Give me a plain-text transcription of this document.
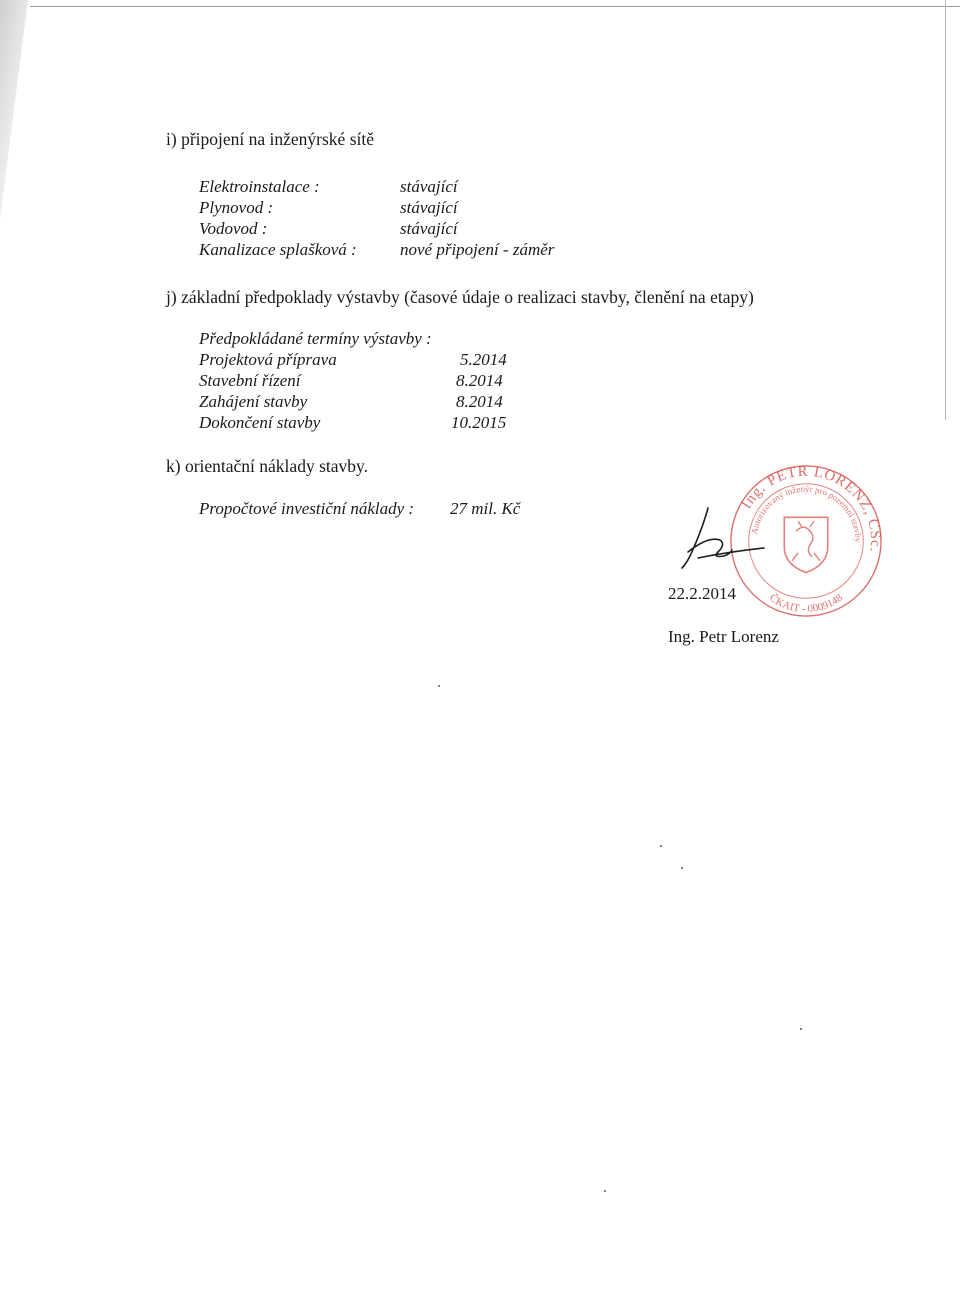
i) připojení na inženýrské sítě
Elektroinstalace :	stávající
Plynovod :	stávající
Vodovod :	stávající
Kanalizace splašková :	nové připojení - záměr
j) základní předpoklady výstavby (časové údaje o realizaci stavby, členění na etapy)
Předpokládané termíny výstavby :
Projektová příprava	5.2014
Stavební řízení	8.2014
Zahájení stavby	8.2014
Dokončení stavby	10.2015
k) orientační náklady stavby.
Propočtové investiční náklady : 27 mil. Kč	Ing. PETR LORENZ, CSc.
Autorizovaný inženýr pro pozemní stavby
ČKAIT - 0009148
22.2.2014
Ing. Petr Lorenz
